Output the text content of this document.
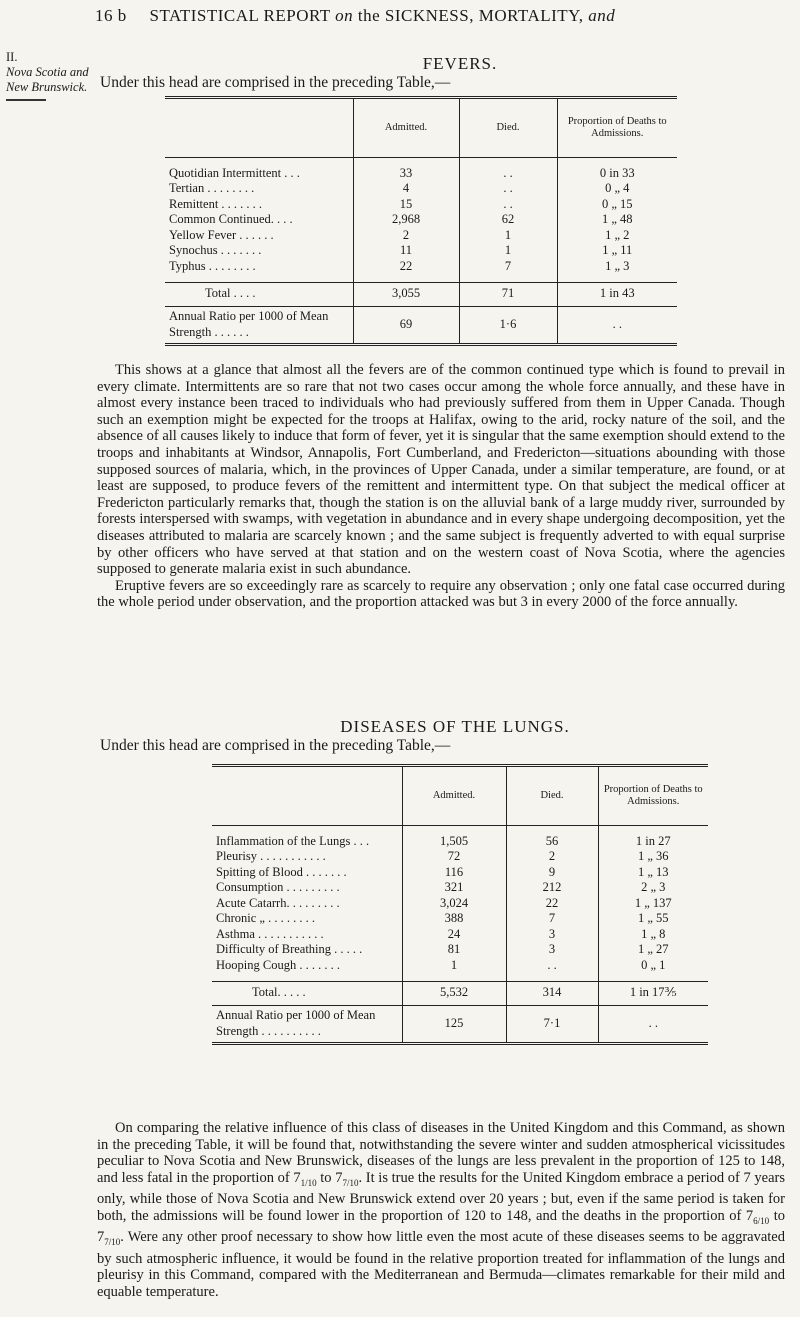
16 b STATISTICAL REPORT on the SICKNESS, MORTALITY, and
II.
Nova Scotia and
New Brunswick.
FEVERS.
Under this head are comprised in the preceding Table,—
	Admitted.	Died.	Proportion of Deaths to Admissions.

Quotidian Intermittent . . .	33	. .	0 in 33
Tertian . . . . . . . .	4	. .	0 „ 4
Remittent . . . . . . .	15	. .	0 „ 15
Common Continued. . . .	2,968	62	1 „ 48
Yellow Fever . . . . . .	2	1	1 „ 2
Synochus . . . . . . .	11	1	1 „ 11
Typhus . . . . . . . .	22	7	1 „ 3

Total . . . .	3,055	71	1 in 43

Annual Ratio per 1000 of Mean
Strength . . . . . .	69	1·6	. .

This shows at a glance that almost all the fevers are of the common continued type which is found to prevail in every climate. Intermittents are so rare that not two cases occur among the whole force annually, and these have in almost every instance been traced to individuals who had previously suffered from them in Upper Canada. Though such an exemption might be expected for the troops at Halifax, owing to the arid, rocky nature of the soil, and the absence of all causes likely to induce that form of fever, yet it is singular that the same exemption should extend to the troops and inhabitants at Windsor, Annapolis, Fort Cumberland, and Fredericton—situations abounding with those supposed sources of malaria, which, in the provinces of Upper Canada, under a similar temperature, are found, or at least are supposed, to produce fevers of the remittent and intermittent type. On that subject the medical officer at Fredericton particularly remarks that, though the station is on the alluvial bank of a large muddy river, surrounded by forests interspersed with swamps, with vegetation in abundance and in every shape undergoing decomposition, yet the diseases attributed to malaria are scarcely known ; and the same subject is frequently adverted to with equal surprise by other officers who have served at that station and on the western coast of Nova Scotia, where the agencies supposed to generate malaria exist in such abundance.

Eruptive fevers are so exceedingly rare as scarcely to require any observation ; only one fatal case occurred during the whole period under observation, and the proportion attacked was but 3 in every 2000 of the force annually.

DISEASES OF THE LUNGS.
Under this head are comprised in the preceding Table,—
	Admitted.	Died.	Proportion of Deaths to Admissions.

Inflammation of the Lungs . . .	1,505	56	1 in 27
Pleurisy . . . . . . . . . . .	72	2	1 „ 36
Spitting of Blood . . . . . . .	116	9	1 „ 13
Consumption . . . . . . . . .	321	212	2 „ 3
Acute Catarrh. . . . . . . . .	3,024	22	1 „ 137
Chronic „ . . . . . . . .	388	7	1 „ 55
Asthma . . . . . . . . . . .	24	3	1 „ 8
Difficulty of Breathing . . . . .	81	3	1 „ 27
Hooping Cough . . . . . . .	1	. .	0 „ 1

Total. . . . .	5,532	314	1 in 17⅗

Annual Ratio per 1000 of Mean
Strength . . . . . . . . . .	125	7·1	. .

On comparing the relative influence of this class of diseases in the United Kingdom and this Command, as shown in the preceding Table, it will be found that, notwithstanding the severe winter and sudden atmospherical vicissitudes peculiar to Nova Scotia and New Brunswick, diseases of the lungs are less prevalent in the proportion of 125 to 148, and less fatal in the proportion of $7_{1/10}$ to $7_{7/10}$. It is true the results for the United Kingdom embrace a period of 7 years only, while those of Nova Scotia and New Brunswick extend over 20 years ; but, even if the same period is taken for both, the admissions will be found lower in the proportion of 120 to 148, and the deaths in the proportion of $7_{6/10}$ to $7_{7/10}$. Were any other proof necessary to show how little even the most acute of these diseases seems to be aggravated by such atmospheric influence, it would be found in the relative proportion treated for inflammation of the lungs and pleurisy in this Command, compared with the Mediterranean and Bermuda—climates remarkable for their mild and equable temperature.
